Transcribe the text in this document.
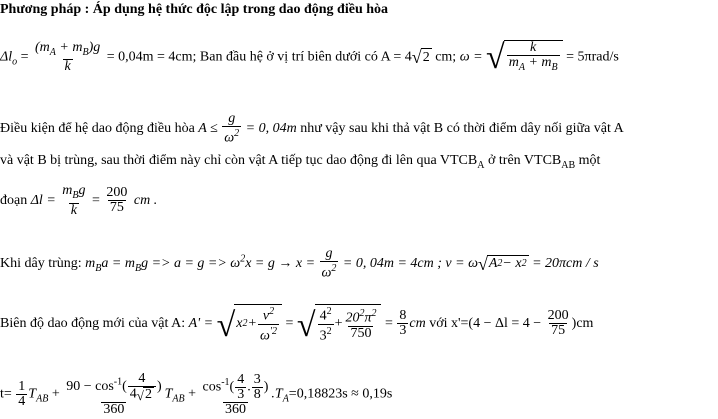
Phương pháp : Áp dụng hệ thức độc lập trong dao động điều hòa
$\Delta l_o = \frac{(m_A + m_B)g}{k} = 0,04m = 4cm$; Ban đầu hệ ở vị trí biên dưới có A = 4 √ 2 cm; ω = √ $\frac{k}{m_A + m_B} = 5\pi rad/s$
Điều kiện để hệ dao động điều hòa $A \le \frac{g}{\omega^2} = 0$, 04m như vậy sau khi thả vật B có thời điểm dây nối giữa vật A
và vật B bị trùng, sau thời điểm này chỉ còn vật A tiếp tục dao động đi lên qua $VTCB_A$ ở trên $VTCB_{AB}$ một
đoạn $\Delta l = \frac{m_Bg}{k} = \frac{200}{75}$ cm .
Khi dây trùng: $m_Ba = m_Bg => a = g => \omega^2x = g \to x = \frac{g}{\omega^2} = 0$, 04m = 4cm ; v = ω √ A 2 − x 2 = 20πcm / s
Biên độ dao động mới của vật A: A' = √ x $2 + \frac{v^2}{\omega^{'2}}$ = √ $\frac{4^2}{3^2} + \frac{20^2\pi^2}{750} = \frac{8}{3}$ cm với $x'=(4 - \Delta l = 4 - \frac{200}{75} )cm$
$t= \frac{1}{4} T_{AB} + \frac{90 - \cos^{-1}( \frac{4}{4 √ 2} )}{360} T_{AB} + \frac{\cos^{-1}( \frac{4}{3} . \frac{3}{8} )}{360} .T_A=0,18823s \approx 0,19s$
